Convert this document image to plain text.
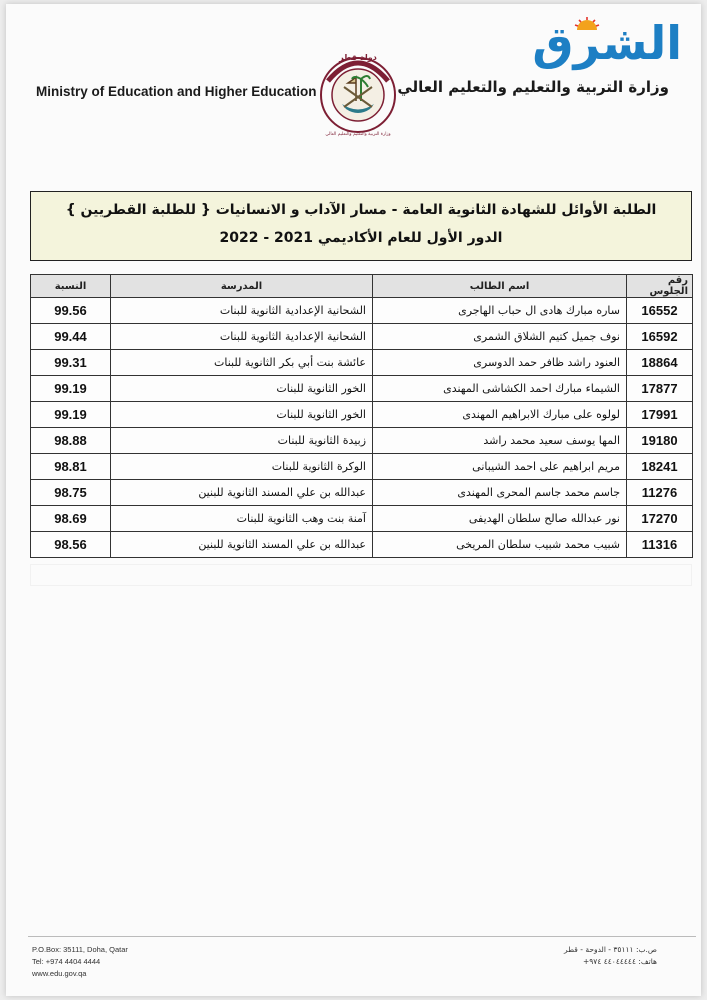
الشرق
Ministry of Education and Higher Education
دولة قطر
وزارة التربية والتعليم والتعليم العالي
وزارة التربية والتعليم والتعليم العالي
الطلبة الأوائل للشهادة الثانوية العامة - مسار الآداب و الانسانيات { للطلبة القطريين }
الدور الأول للعام الأكاديمي 2021 - 2022
رقم الجلوس	اسم الطالب	المدرسة	النسبة
16552	ساره مبارك هادى ال حباب الهاجرى	الشحانية الإعدادية الثانوية للبنات	99.56
16592	نوف جميل كتيم الشلاق الشمرى	الشحانية الإعدادية الثانوية للبنات	99.44
18864	العنود راشد ظافر حمد الدوسرى	عائشة بنت أبي بكر الثانوية للبنات	99.31
17877	الشيماء مبارك احمد الكشاشى المهندى	الخور الثانوية للبنات	99.19
17991	لولوه على مبارك الابراهيم المهندى	الخور الثانوية للبنات	99.19
19180	المها يوسف سعيد محمد راشد	زبيدة الثانوية للبنات	98.88
18241	مريم ابراهيم على احمد الشيبانى	الوكرة الثانوية للبنات	98.81
11276	جاسم محمد جاسم المحرى المهندى	عبدالله بن علي المسند الثانوية للبنين	98.75
17270	نور عبدالله صالح سلطان الهديفى	آمنة بنت وهب الثانوية للبنات	98.69
11316	شبيب محمد شبيب سلطان المريخى	عبدالله بن علي المسند الثانوية للبنين	98.56
P.O.Box: 35111, Doha, Qatar
Tel: +974 4404 4444
www.edu.gov.qa
ص.ب: ٣٥١١١ - الدوحة - قطر
هاتف: ٤٤٠٤٤٤٤٤ ٩٧٤+
